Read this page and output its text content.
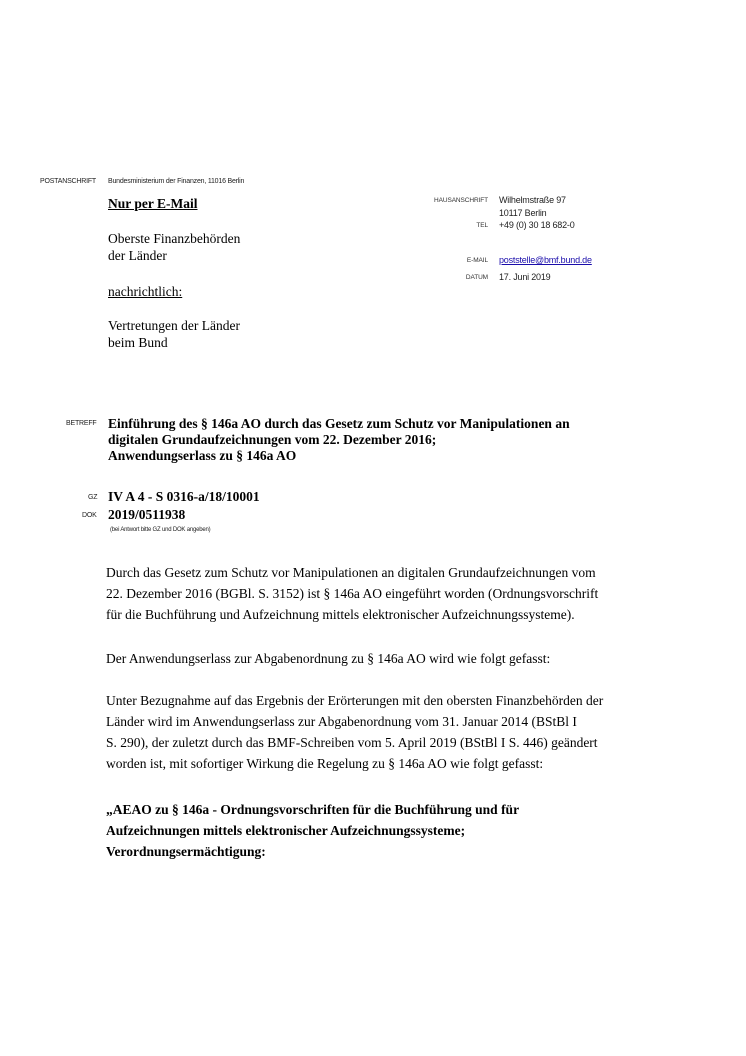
POSTANSCHRIFT Bundesministerium der Finanzen, 11016 Berlin
Nur per E-Mail
Oberste Finanzbehörden
der Länder
nachrichtlich:
Vertretungen der Länder
beim Bund
HAUSANSCHRIFT Wilhelmstraße 97
10117 Berlin
TEL +49 (0) 30 18 682-0
E-MAIL poststelle@bmf.bund.de
DATUM 17. Juni 2019
BETREFF Einführung des § 146a AO durch das Gesetz zum Schutz vor Manipulationen an
digitalen Grundaufzeichnungen vom 22. Dezember 2016;
Anwendungserlass zu § 146a AO
GZ IV A 4 - S 0316-a/18/10001
DOK 2019/0511938
(bei Antwort bitte GZ und DOK angeben)
Durch das Gesetz zum Schutz vor Manipulationen an digitalen Grundaufzeichnungen vom
22. Dezember 2016 (BGBl. S. 3152) ist § 146a AO eingeführt worden (Ordnungsvorschrift
für die Buchführung und Aufzeichnung mittels elektronischer Aufzeichnungssysteme).
Der Anwendungserlass zur Abgabenordnung zu § 146a AO wird wie folgt gefasst:
Unter Bezugnahme auf das Ergebnis der Erörterungen mit den obersten Finanzbehörden der
Länder wird im Anwendungserlass zur Abgabenordnung vom 31. Januar 2014 (BStBl I
S. 290), der zuletzt durch das BMF-Schreiben vom 5. April 2019 (BStBl I S. 446) geändert
worden ist, mit sofortiger Wirkung die Regelung zu § 146a AO wie folgt gefasst:
„AEAO zu § 146a - Ordnungsvorschriften für die Buchführung und für
Aufzeichnungen mittels elektronischer Aufzeichnungssysteme;
Verordnungsermächtigung:
